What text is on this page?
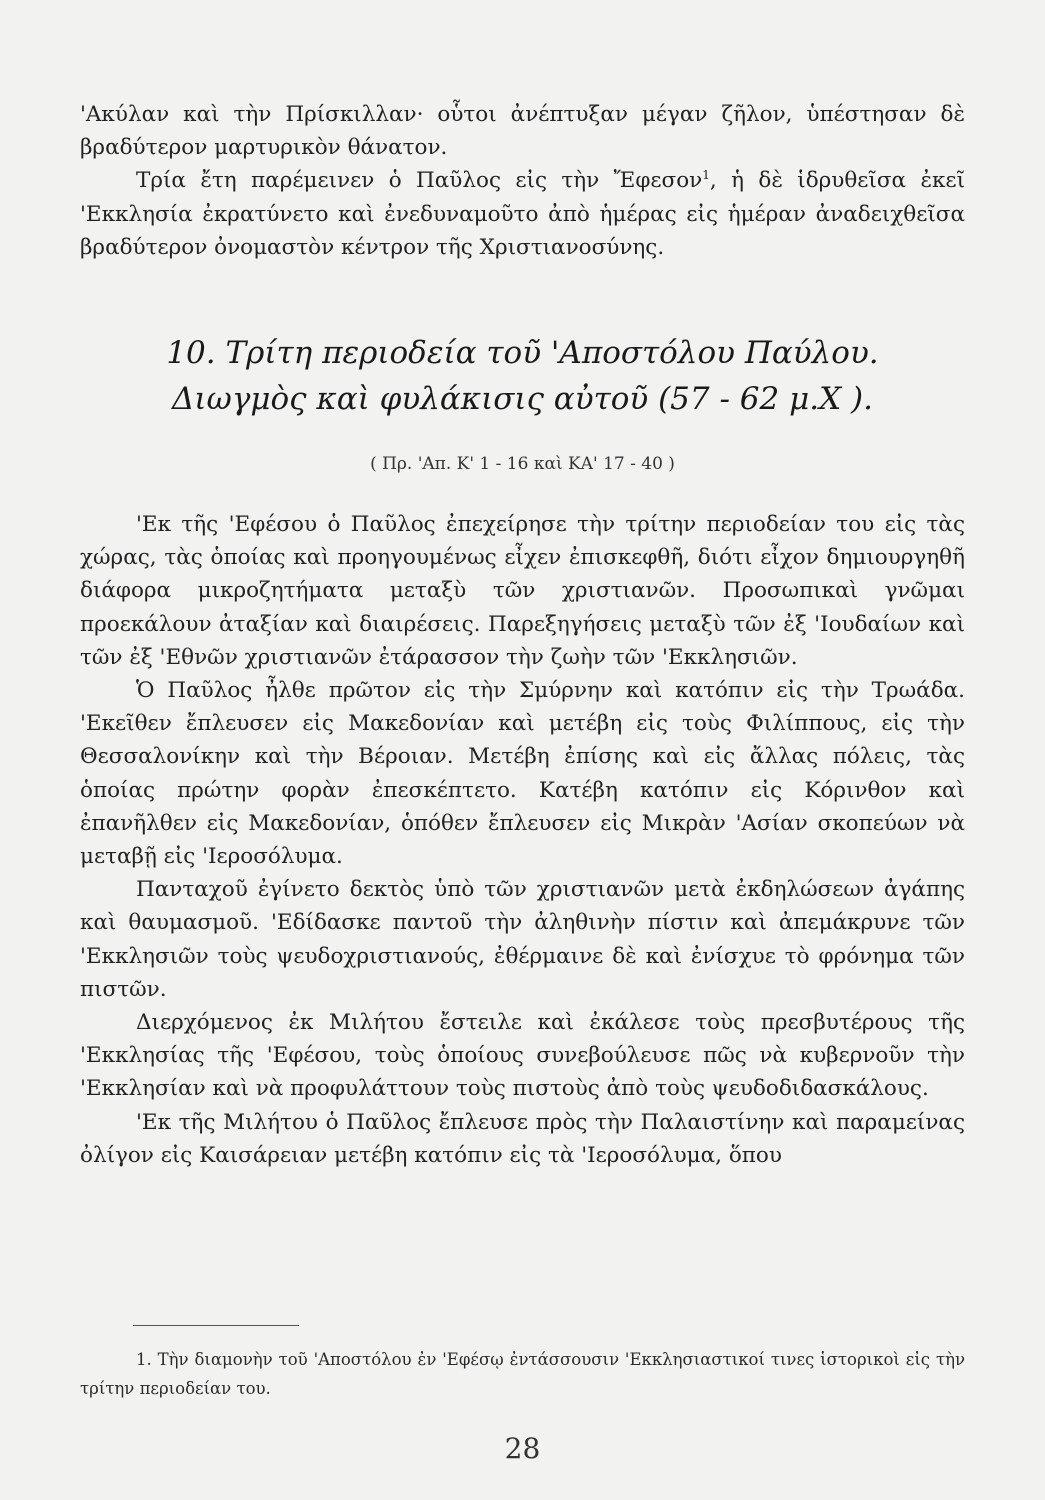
'Ακύλαν καὶ τὴν Πρίσκιλλαν· οὗτοι ἀνέπτυξαν μέγαν ζῆλον, ὑπέστησαν δὲ βραδύτερον μαρτυρικὸν θάνατον.

Τρία ἔτη παρέμεινεν ὁ Παῦλος εἰς τὴν Ἔφεσον$^1$, ἡ δὲ ἱδρυθεῖσα ἐκεῖ 'Εκκλησία ἐκρατύνετο καὶ ἐνεδυναμοῦτο ἀπὸ ἡμέρας εἰς ἡμέραν ἀναδειχθεῖσα βραδύτερον ὀνομαστὸν κέντρον τῆς Χριστιανοσύνης.

10. Τρίτη περιοδεία τοῦ 'Αποστόλου Παύλου.
Διωγμὸς καὶ φυλάκισις αὐτοῦ (57 - 62 μ.Χ ).
( Πρ. 'Απ. Κ' 1 - 16 καὶ ΚΑ' 17 - 40 )

'Εκ τῆς 'Εφέσου ὁ Παῦλος ἐπεχείρησε τὴν τρίτην περιοδείαν του εἰς τὰς χώρας, τὰς ὁποίας καὶ προηγουμένως εἶχεν ἐπισκεφθῆ, διότι εἶχον δημιουργηθῆ διάφορα μικροζητήματα μεταξὺ τῶν χριστιανῶν. Προσωπικαὶ γνῶμαι προεκάλουν ἀταξίαν καὶ διαιρέσεις. Παρεξηγήσεις μεταξὺ τῶν ἐξ 'Ιουδαίων καὶ τῶν ἐξ 'Εθνῶν χριστιανῶν ἐτάρασσον τὴν ζωὴν τῶν 'Εκκλησιῶν.

Ὁ Παῦλος ἦλθε πρῶτον εἰς τὴν Σμύρνην καὶ κατόπιν εἰς τὴν Τρωάδα. 'Εκεῖθεν ἔπλευσεν εἰς Μακεδονίαν καὶ μετέβη εἰς τοὺς Φιλίππους, εἰς τὴν Θεσσαλονίκην καὶ τὴν Βέροιαν. Μετέβη ἐπίσης καὶ εἰς ἄλλας πόλεις, τὰς ὁποίας πρώτην φορὰν ἐπεσκέπτετο. Κατέβη κατόπιν εἰς Κόρινθον καὶ ἐπανῆλθεν εἰς Μακεδονίαν, ὁπόθεν ἔπλευσεν εἰς Μικρὰν 'Ασίαν σκοπεύων νὰ μεταβῇ εἰς 'Ιεροσόλυμα.

Πανταχοῦ ἐγίνετο δεκτὸς ὑπὸ τῶν χριστιανῶν μετὰ ἐκδηλώσεων ἀγάπης καὶ θαυμασμοῦ. 'Εδίδασκε παντοῦ τὴν ἀληθινὴν πίστιν καὶ ἀπεμάκρυνε τῶν 'Εκκλησιῶν τοὺς ψευδοχριστιανούς, ἐθέρμαινε δὲ καὶ ἐνίσχυε τὸ φρόνημα τῶν πιστῶν.

Διερχόμενος ἐκ Μιλήτου ἔστειλε καὶ ἐκάλεσε τοὺς πρεσβυτέρους τῆς 'Εκκλησίας τῆς 'Εφέσου, τοὺς ὁποίους συνεβούλευσε πῶς νὰ κυβερνοῦν τὴν 'Εκκλησίαν καὶ νὰ προφυλάττουν τοὺς πιστοὺς ἀπὸ τοὺς ψευδοδιδασκάλους.

'Εκ τῆς Μιλήτου ὁ Παῦλος ἔπλευσε πρὸς τὴν Παλαιστίνην καὶ παραμείνας ὀλίγον εἰς Καισάρειαν μετέβη κατόπιν εἰς τὰ 'Ιεροσόλυμα, ὅπου

1. Τὴν διαμονὴν τοῦ 'Αποστόλου ἐν 'Εφέσῳ ἐντάσσουσιν 'Εκκλησιαστικοί τινες ἱστορικοὶ εἰς τὴν τρίτην περιοδείαν του.

28
